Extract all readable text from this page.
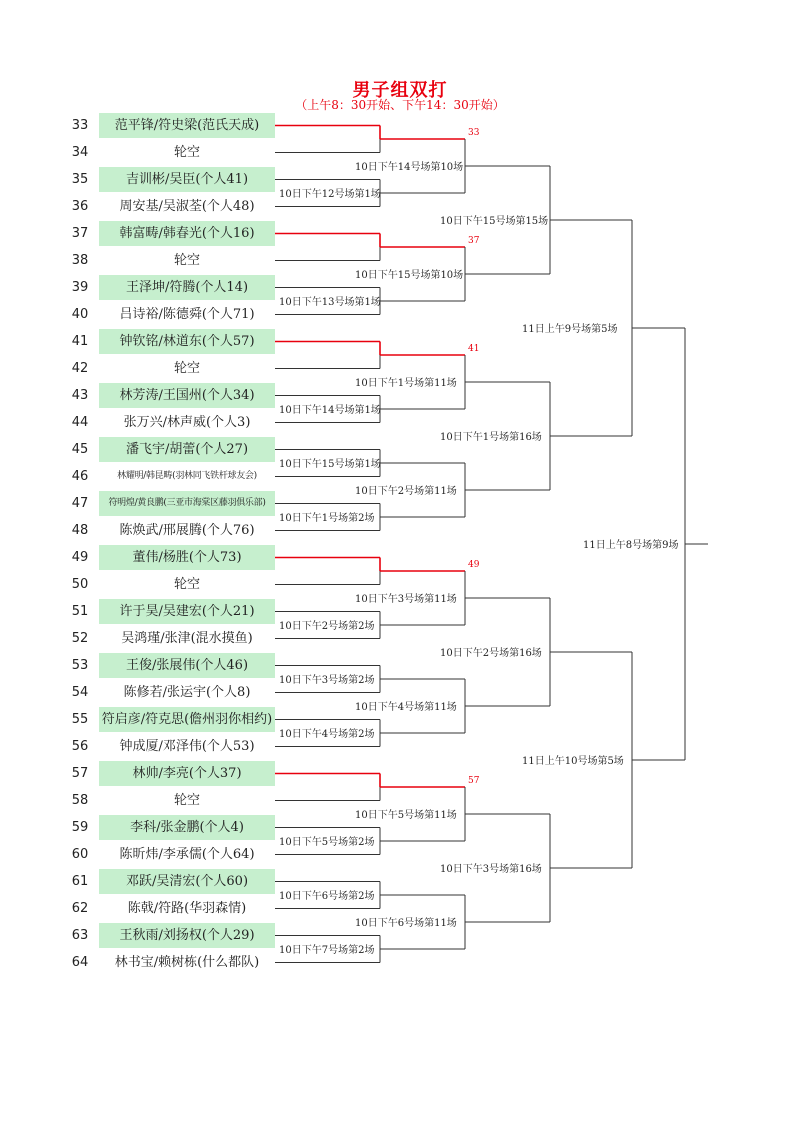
男子组双打
（上午8：30开始、下午14：30开始）
33	范平锋/符史梁(范氏天成)
34	轮空
35	吉训彬/吴臣(个人41)
36	周安基/吴淑荃(个人48)
37	韩富畴/韩春光(个人16)
38	轮空
39	王泽坤/符腾(个人14)
40	吕诗裕/陈德舜(个人71)
41	钟钦铭/林道东(个人57)
42	轮空
43	林芳涛/王国州(个人34)
44	张万兴/林声威(个人3)
45	潘飞宇/胡蕾(个人27)
46	林耀明/韩昆畴(羽林同飞铁杆球友会)
47	符明煌/黄良鹏(三亚市海棠区藤羽俱乐部)
48	陈焕武/邢展腾(个人76)
49	董伟/杨胜(个人73)
50	轮空
51	许于昊/吴建宏(个人21)
52	吴鸿瑾/张津(混水摸鱼)
53	王俊/张展伟(个人46)
54	陈修若/张运宇(个人8)
55	符启彦/符克思(儋州羽你相约)
56	钟成厦/邓泽伟(个人53)
57	林帅/李亮(个人37)
58	轮空
59	李科/张金鹏(个人4)
60	陈昕炜/李承儒(个人64)
61	邓跃/吴清宏(个人60)
62	陈戟/符路(华羽森情)
63	王秋雨/刘扬权(个人29)
64	林书宝/赖树栋(什么都队)
33
10日下午12号场第1场
37
10日下午13号场第1场
41
10日下午14号场第1场
10日下午15号场第1场
10日下午1号场第2场
49
10日下午2号场第2场
10日下午3号场第2场
10日下午4号场第2场
57
10日下午5号场第2场
10日下午6号场第2场
10日下午7号场第2场
10日下午14号场第10场
10日下午15号场第10场
10日下午1号场第11场
10日下午2号场第11场
10日下午3号场第11场
10日下午4号场第11场
10日下午5号场第11场
10日下午6号场第11场
10日下午15号场第15场
10日下午1号场第16场
10日下午2号场第16场
10日下午3号场第16场
11日上午9号场第5场
11日上午10号场第5场
11日上午8号场第9场
